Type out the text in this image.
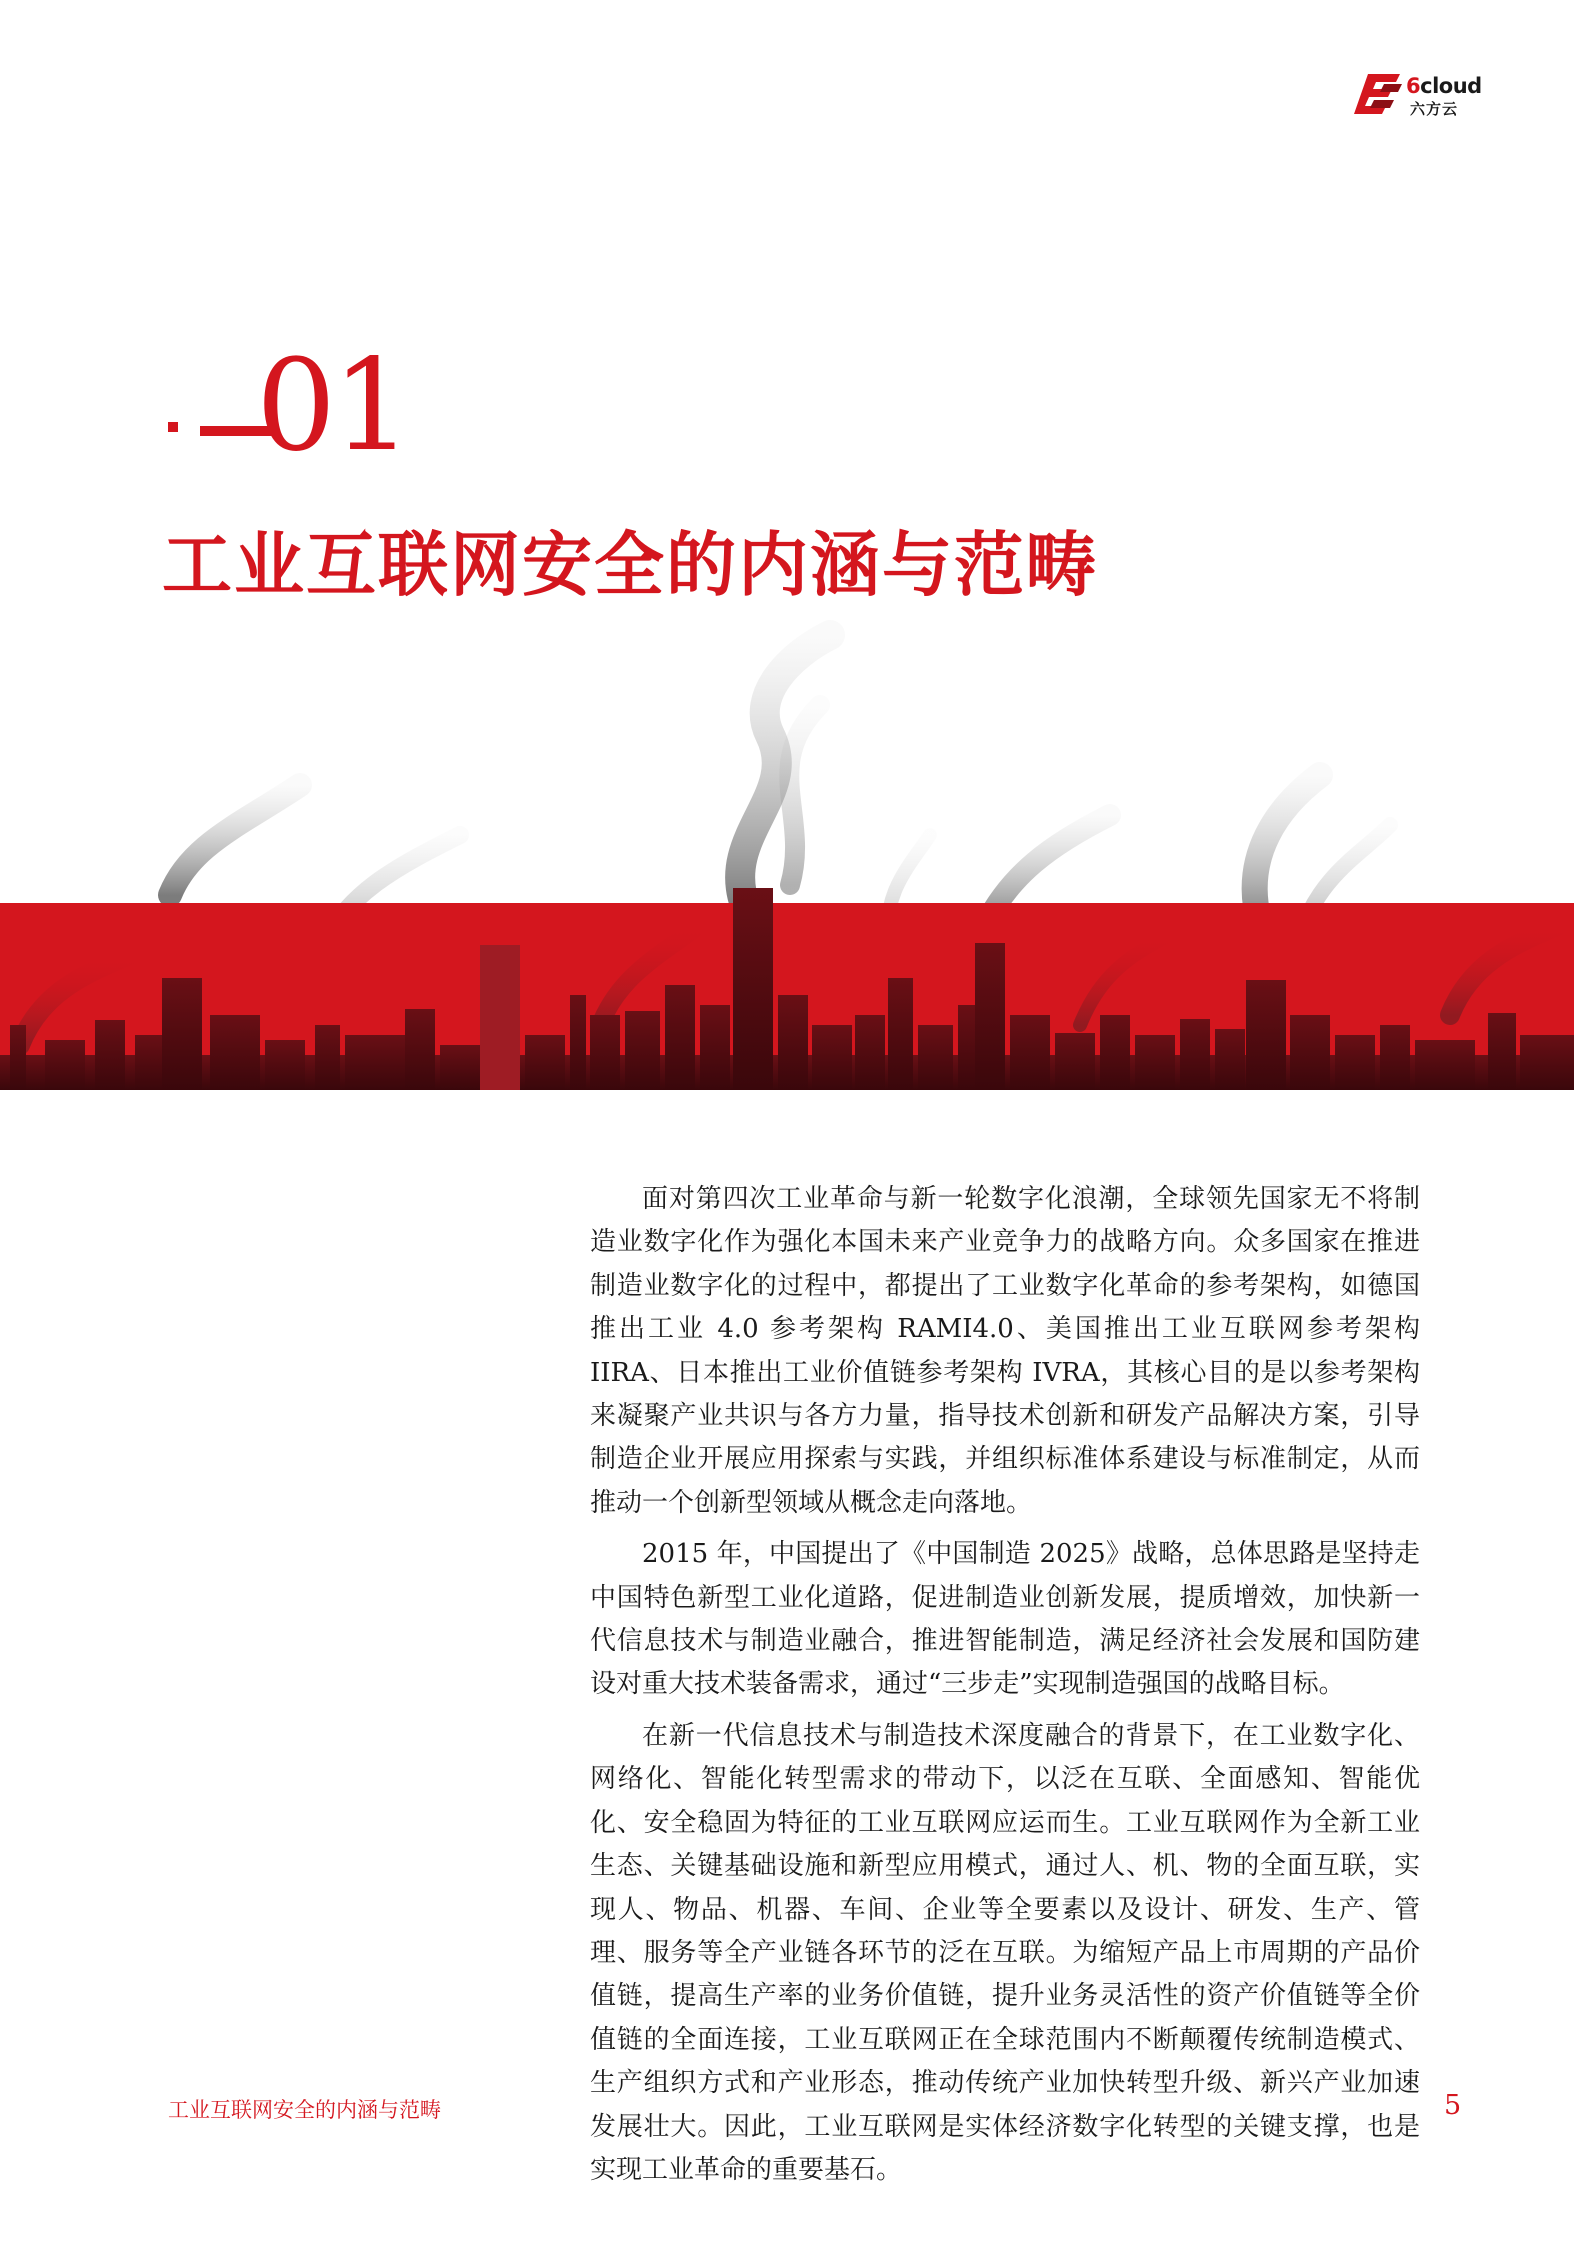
6cloud
六方云
01
工业互联网安全的内涵与范畴

面对第四次工业革命与新一轮数字化浪潮，全球领先国家无不将制造业数字化作为强化本国未来产业竞争力的战略方向。众多国家在推进制造业数字化的过程中，都提出了工业数字化革命的参考架构，如德国推出工业 4.0 参考架构 RAMI4.0、美国推出工业互联网参考架构 IIRA、日本推出工业价值链参考架构 IVRA，其核心目的是以参考架构来凝聚产业共识与各方力量，指导技术创新和研发产品解决方案，引导制造企业开展应用探索与实践，并组织标准体系建设与标准制定，从而推动一个创新型领域从概念走向落地。

2015 年，中国提出了《中国制造 2025》战略，总体思路是坚持走中国特色新型工业化道路，促进制造业创新发展，提质增效，加快新一代信息技术与制造业融合，推进智能制造，满足经济社会发展和国防建设对重大技术装备需求，通过“三步走”实现制造强国的战略目标。

在新一代信息技术与制造技术深度融合的背景下，在工业数字化、网络化、智能化转型需求的带动下，以泛在互联、全面感知、智能优化、安全稳固为特征的工业互联网应运而生。工业互联网作为全新工业生态、关键基础设施和新型应用模式，通过人、机、物的全面互联，实现人、物品、机器、车间、企业等全要素以及设计、研发、生产、管理、服务等全产业链各环节的泛在互联。为缩短产品上市周期的产品价值链，提高生产率的业务价值链，提升业务灵活性的资产价值链等全价值链的全面连接，工业互联网正在全球范围内不断颠覆传统制造模式、生产组织方式和产业形态，推动传统产业加快转型升级、新兴产业加速发展壮大。因此，工业互联网是实体经济数字化转型的关键支撑，也是实现工业革命的重要基石。

工业互联网安全的内涵与范畴	5
